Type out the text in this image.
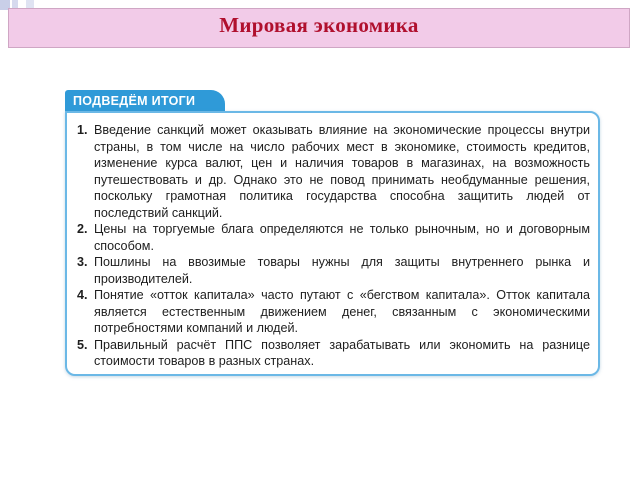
Мировая экономика
ПОДВЕДЁМ ИТОГИ
1. Введение санкций может оказывать влияние на экономические процессы внутри страны, в том числе на число рабочих мест в экономике, стоимость кредитов, изменение курса валют, цен и наличия товаров в магазинах, на возможность путешествовать и др. Однако это не повод принимать необдуманные решения, поскольку грамотная политика государства способна защитить людей от последствий санкций.
2. Цены на торгуемые блага определяются не только рыночным, но и договорным способом.
3. Пошлины на ввозимые товары нужны для защиты внутреннего рынка и производителей.
4. Понятие «отток капитала» часто путают с «бегством капитала». Отток капитала является естественным движением денег, связанным с экономическими потребностями компаний и людей.
5. Правильный расчёт ППС позволяет зарабатывать или экономить на разнице стоимости товаров в разных странах.
